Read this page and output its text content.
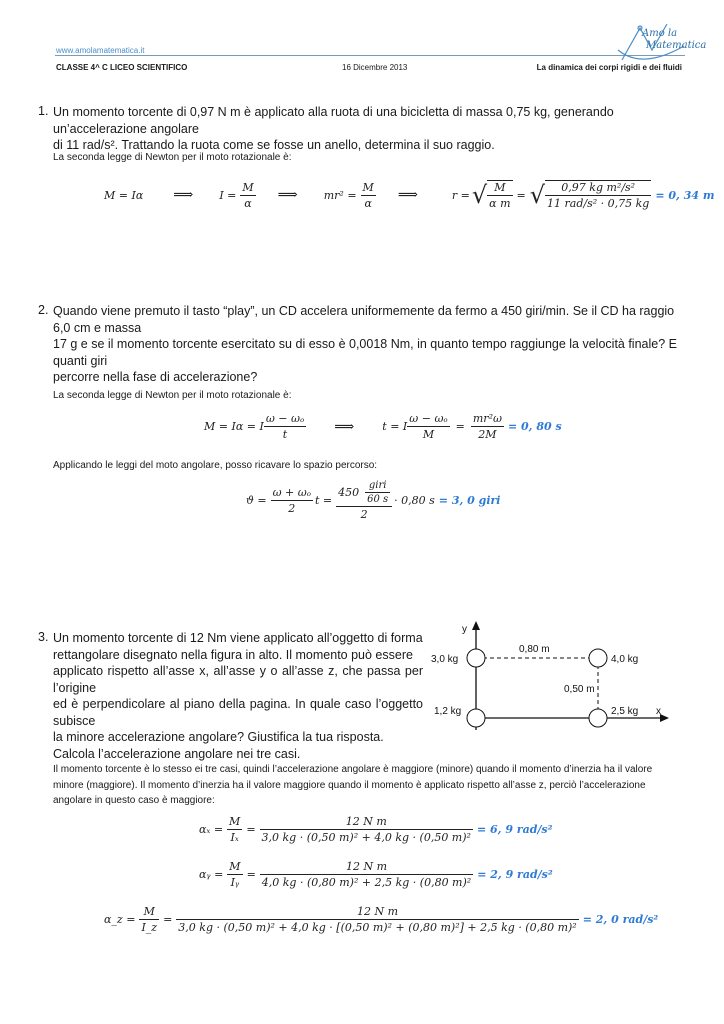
www.amolamatematica.it
CLASSE 4^ C LICEO SCIENTIFICO	16 Dicembre 2013	La dinamica dei corpi rigidi e dei fluidi
Amo la
Matematica
1. Un momento torcente di 0,97 N m è applicato alla ruota di una bicicletta di massa 0,75 kg, generando un’accelerazione angolare
di 11 rad/s². Trattando la ruota come se fosse un anello, determina il suo raggio.
La seconda legge di Newton per il moto rotazionale è:
M = Iα ⟹ $I = \frac{M}{\alpha}$ ⟹ $mr^2 = \frac{M}{\alpha}$ ⟹	r = √ $\frac{M}{\text{α m}}$ = √ $\frac{\text{0,97 kg m²/s²}}{\text{11 rad/s² · 0,75 kg}} = 0$, 34 m
2. Quando viene premuto il tasto “play”, un CD accelera uniformemente da fermo a 450 giri/min. Se il CD ha raggio 6,0 cm e massa
17 g e se il momento torcente esercitato su di esso è 0,0018 Nm, in quanto tempo raggiunge la velocità finale? E quanti giri
percorre nella fase di accelerazione?
La seconda legge di Newton per il moto rotazionale è:
M = Iα = I $\frac{\text{ω − ωₒ}}{t}$ ⟹	t = I $\frac{\text{ω − ωₒ}}{M} = \frac{\text{mr²ω}}{2M} = 0$, 80 s
Applicando le leggi del moto angolare, posso ricavare lo spazio percorso:
$ϑ = \frac{\text{ω + ωₒ}}{2}$ $t = \frac{450 \frac{\text{giri}}{60 s}}{2} \cdot 0,80$ s = 3, 0 giri
3. Un momento torcente di 12 Nm viene applicato all’oggetto di forma
rettangolare disegnato nella figura in alto. Il momento può essere
applicato rispetto all’asse x, all’asse y o all’asse z, che passa per l’origine
ed è perpendicolare al piano della pagina. In quale caso l’oggetto subisce
la minore accelerazione angolare? Giustifica la tua risposta.
Calcola l’accelerazione angolare nei tre casi.
y
x
3,0 kg	4,0 kg
1,2 kg	2,5 kg
0,80 m
0,50 m
Il momento torcente è lo stesso ei tre casi, quindi l’accelerazione angolare è maggiore (minore) quando il momento d’inerzia ha il valore
minore (maggiore). Il momento d’inerzia ha il valore maggiore quando il momento è applicato rispetto all’asse z, perciò l’accelerazione
angolare in questo caso è maggiore:
$\alpha_x = \frac{M}{\text{Iₓ}} = \frac{\text{12 N m}}{\text{3,0 kg · (0,50 m)² + 4,0 kg · (0,50 m)²}} = 6$, 9 rad/s²
αᵧ = $\frac{M}{\text{Iᵧ}} = \frac{\text{12 N m}}{\text{4,0 kg · (0,80 m)² + 2,5 kg · (0,80 m)²}} = 2$, 9 rad/s²
α_z = $\frac{M}{I\_z}$ =
12 N m
3,0 kg · (0,50 m)² + 4,0 kg · [(0,50 m)² + (0,80 m)²] + 2,5 kg · (0,80 m)²
= 2, 0 rad/s²
